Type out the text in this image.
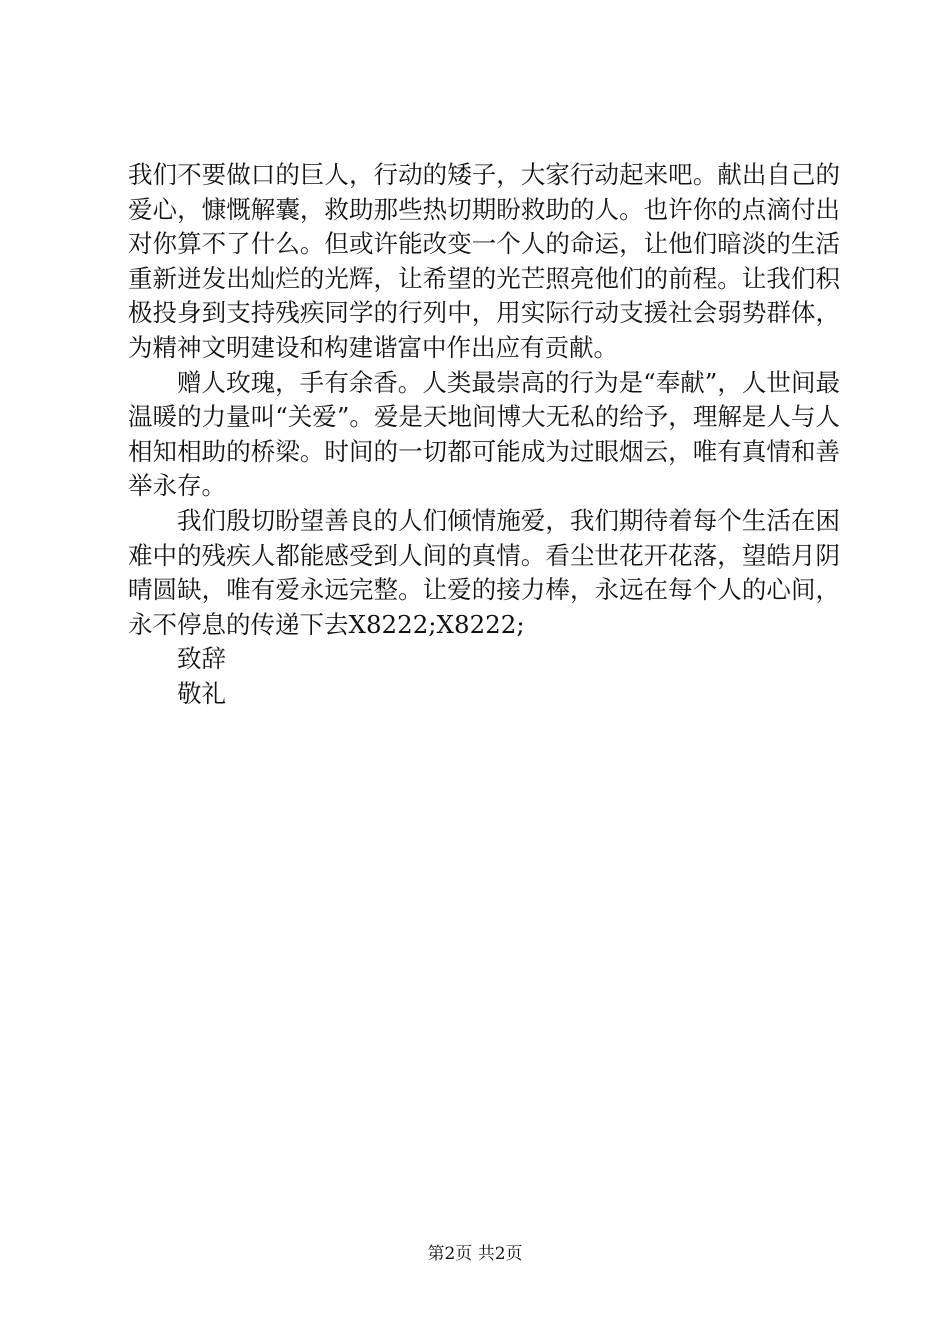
我们不要做口的巨人，行动的矮子，大家行动起来吧。献出自己的爱心，慷慨解囊，救助那些热切期盼救助的人。也许你的点滴付出对你算不了什么。但或许能改变一个人的命运，让他们暗淡的生活重新迸发出灿烂的光辉，让希望的光芒照亮他们的前程。让我们积极投身到支持残疾同学的行列中，用实际行动支援社会弱势群体，为精神文明建设和构建谐富中作出应有贡献。

赠人玫瑰，手有余香。人类最崇高的行为是“奉献”，人世间最温暖的力量叫“关爱”。爱是天地间博大无私的给予，理解是人与人相知相助的桥梁。时间的一切都可能成为过眼烟云，唯有真情和善举永存。

我们殷切盼望善良的人们倾情施爱，我们期待着每个生活在困难中的残疾人都能感受到人间的真情。看尘世花开花落，望皓月阴晴圆缺，唯有爱永远完整。让爱的接力棒，永远在每个人的心间，永不停息的传递下去X8222;X8222;

致辞

敬礼

第2页 共2页
